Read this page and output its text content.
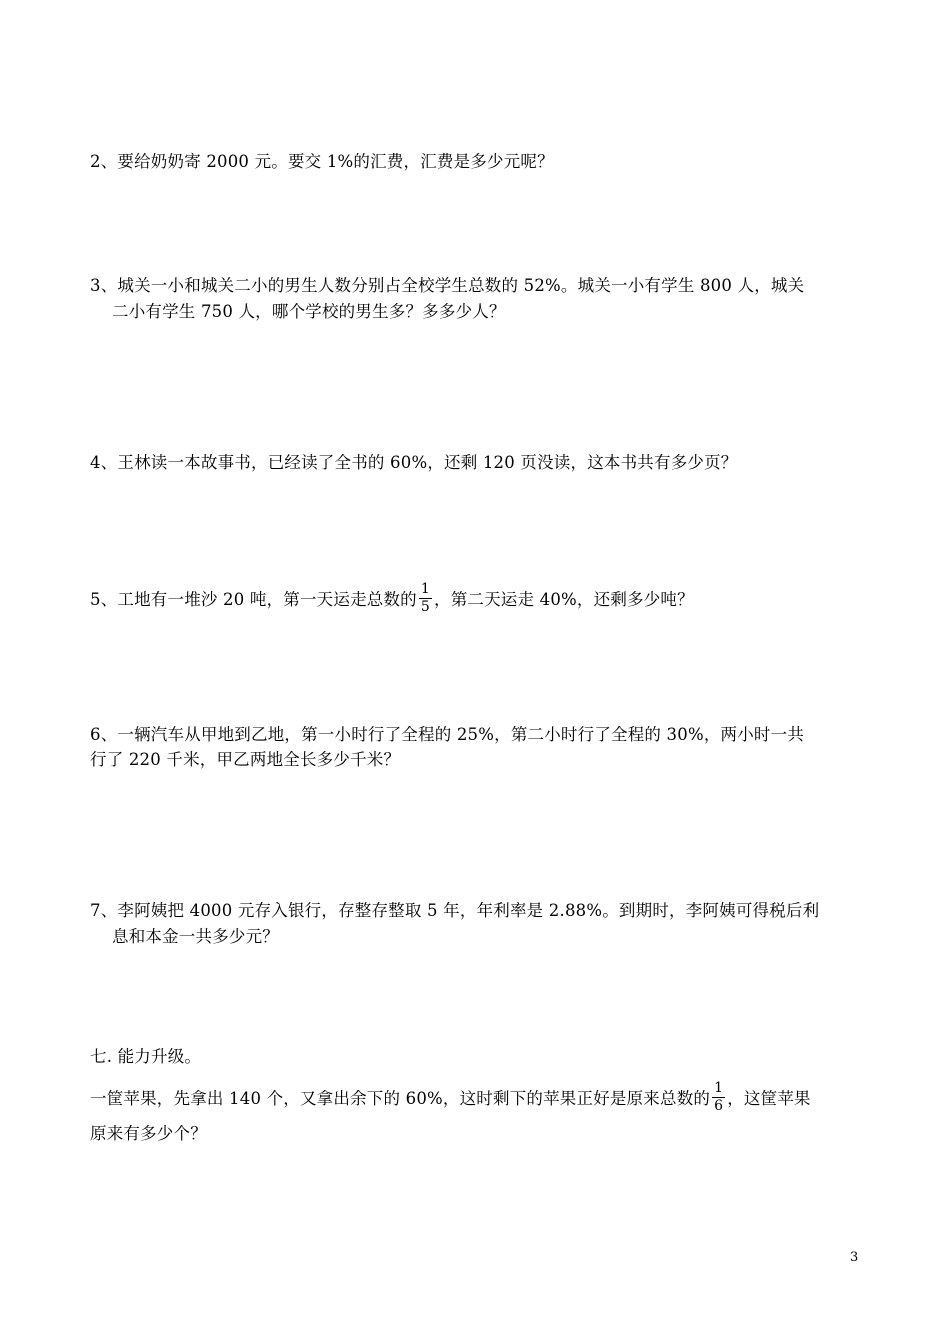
2、要给奶奶寄 2000 元。要交 1%的汇费，汇费是多少元呢？
3、城关一小和城关二小的男生人数分别占全校学生总数的 52%。城关一小有学生 800 人，城关
二小有学生 750 人，哪个学校的男生多？多多少人？
4、王林读一本故事书，已经读了全书的 60%，还剩 120 页没读，这本书共有多少页？
5、工地有一堆沙 20 吨，第一天运走总数的 $\frac{1}{5}$ ，第二天运走 40%，还剩多少吨？
6、一辆汽车从甲地到乙地，第一小时行了全程的 25%，第二小时行了全程的 30%，两小时一共
行了 220 千米，甲乙两地全长多少千米？
7、李阿姨把 4000 元存入银行，存整存整取 5 年，年利率是 2.88%。到期时，李阿姨可得税后利
息和本金一共多少元？
七. 能力升级。
一筐苹果，先拿出 140 个，又拿出余下的 60%，这时剩下的苹果正好是原来总数的 $\frac{1}{6}$ ，这筐苹果
原来有多少个？
3
